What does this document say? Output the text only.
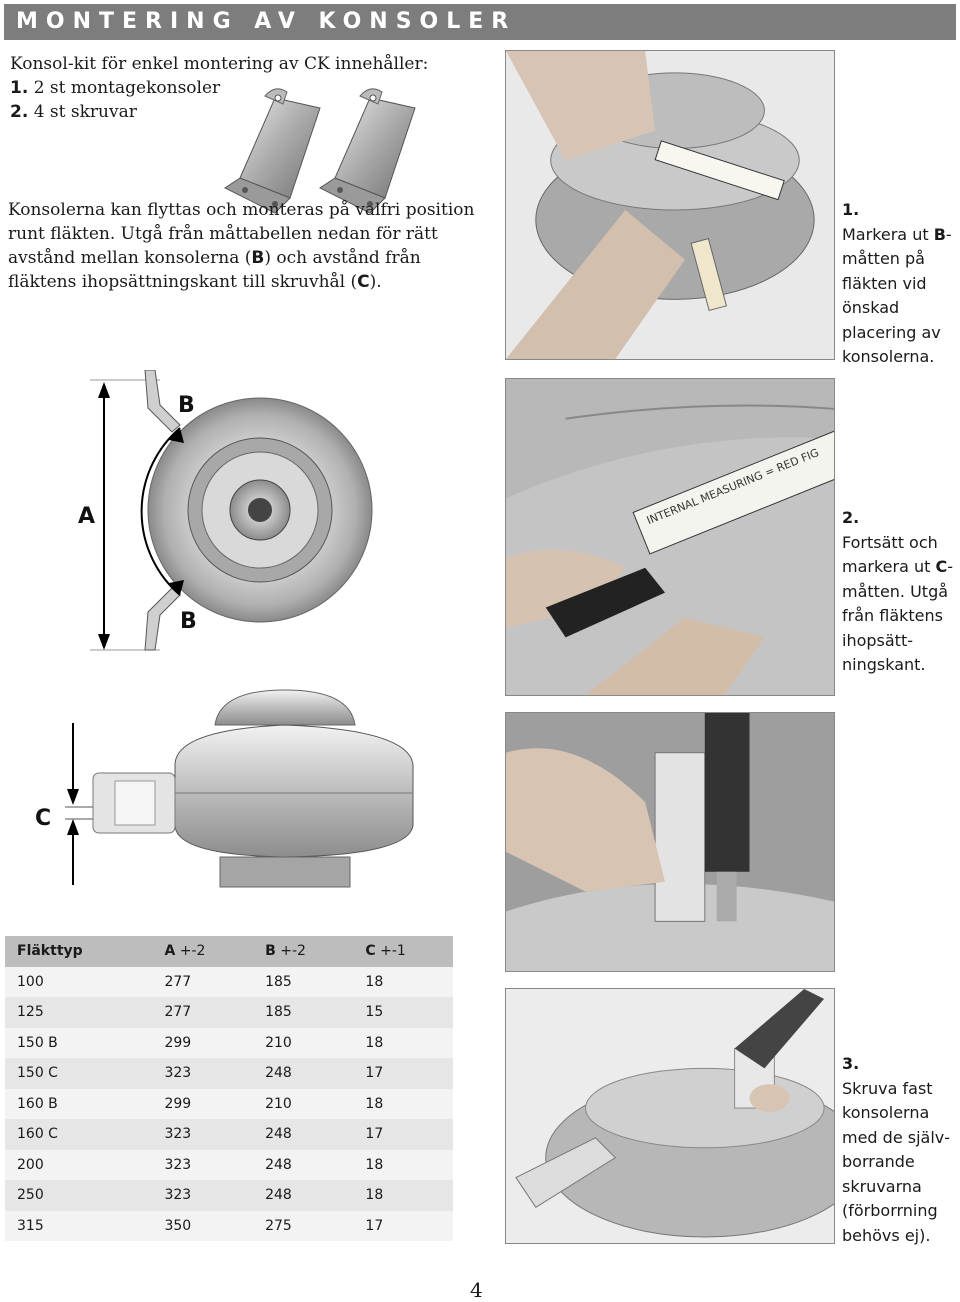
MONTERING AV KONSOLER
Konsol-kit för enkel montering av CK innehåller:
1. 2 st montagekonsoler
2. 4 st skruvar
Konsolerna kan flyttas och monteras på valfri position runt fläkten. Utgå från måttabellen nedan för rätt avstånd mellan konsolerna (B) och avstånd från fläktens ihopsättningskant till skruvhål (C).
A
B
B
C
1.
Markera ut B-måtten på fläkten vid önskad placering av konsolerna.
INTERNAL MEASURING = RED FIG 2.
Fortsätt och markera ut C-måtten. Utgå från fläktens ihopsättningskant.
3.
Skruva fast konsolerna med de självborrande skruvarna (förborrning behövs ej).
Fläkttyp	A +-2	B +-2	C +-1
100	277	185	18
125	277	185	15
150 B	299	210	18
150 C	323	248	17
160 B	299	210	18
160 C	323	248	17
200	323	248	18
250	323	248	18
315	350	275	17
4
